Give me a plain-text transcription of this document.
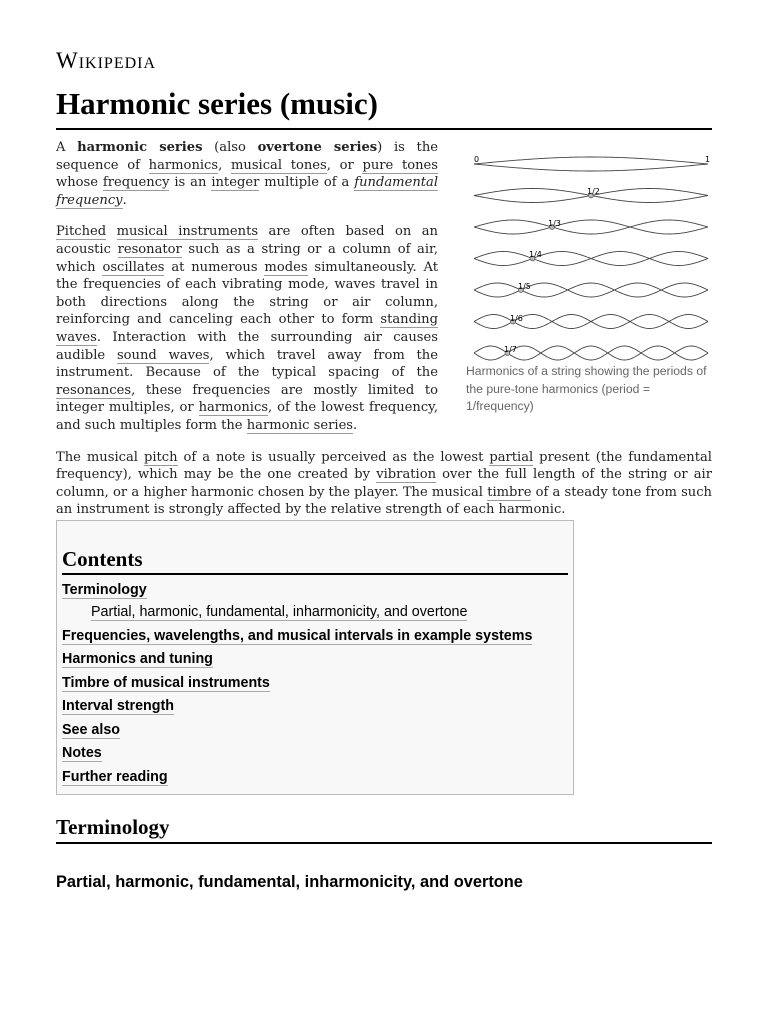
Wikipedia
Harmonic series (music)
0	1
1/2
1/3
1/4
1/5
1/6
1/7
Harmonics of a string showing the periods of the pure-tone harmonics (period = 1/frequency)

A harmonic series (also overtone series) is the sequence of harmonics, musical tones, or pure tones whose frequency is an integer multiple of a fundamental frequency.

Pitched musical instruments are often based on an acoustic resonator such as a string or a column of air, which oscillates at numerous modes simultaneously. At the frequencies of each vibrating mode, waves travel in both directions along the string or air column, reinforcing and canceling each other to form standing waves. Interaction with the surrounding air causes audible sound waves, which travel away from the instrument. Because of the typical spacing of the resonances, these frequencies are mostly limited to integer multiples, or harmonics, of the lowest frequency, and such multiples form the harmonic series.

The musical pitch of a note is usually perceived as the lowest partial present (the fundamental frequency), which may be the one created by vibration over the full length of the string or air column, or a higher harmonic chosen by the player. The musical timbre of a steady tone from such an instrument is strongly affected by the relative strength of each harmonic.

Contents
Terminology
Partial, harmonic, fundamental, inharmonicity, and overtone
Frequencies, wavelengths, and musical intervals in example systems
Harmonics and tuning
Timbre of musical instruments
Interval strength
See also
Notes
Further reading
Terminology
Partial, harmonic, fundamental, inharmonicity, and overtone
